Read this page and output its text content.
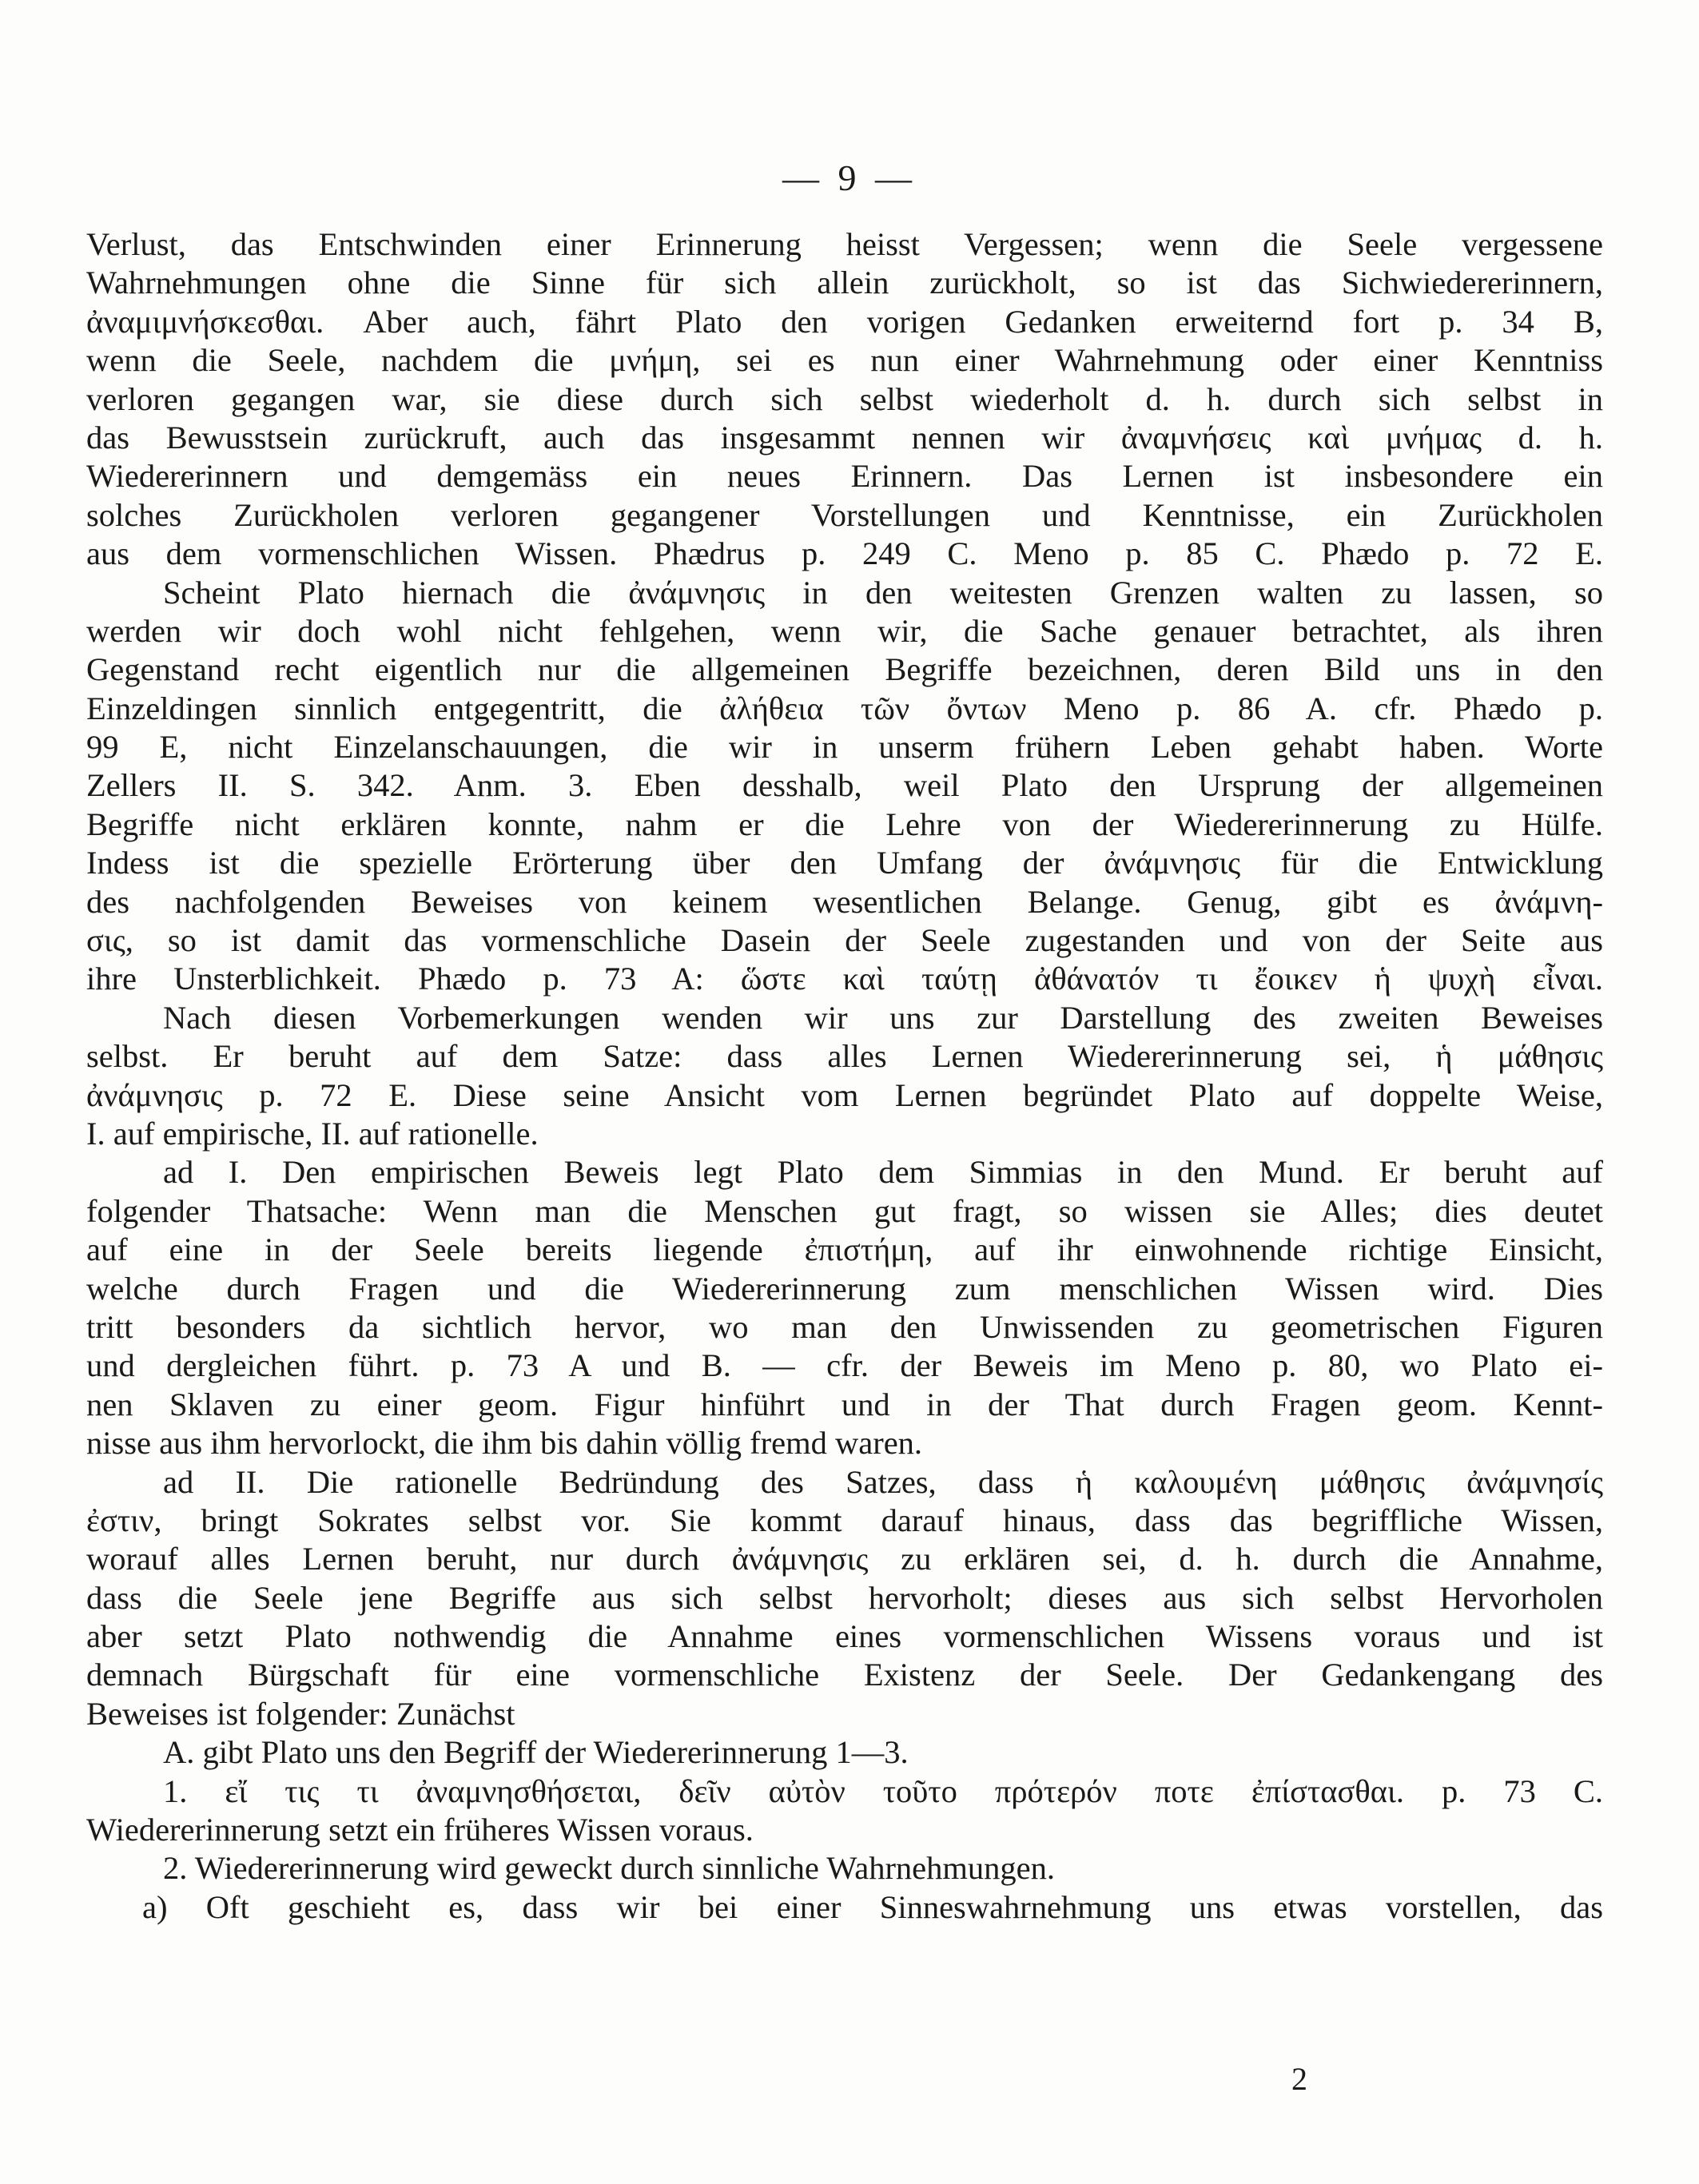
— 9 —
Verlust, das Entschwinden einer Erinnerung heisst Vergessen; wenn die Seele vergessene
Wahrnehmungen ohne die Sinne für sich allein zurückholt, so ist das Sichwiedererinnern,
ἀναμιμνήσκεσθαι. Aber auch, fährt Plato den vorigen Gedanken erweiternd fort p. 34 B,
wenn die Seele, nachdem die μνήμη, sei es nun einer Wahrnehmung oder einer Kenntniss
verloren gegangen war, sie diese durch sich selbst wiederholt d. h. durch sich selbst in
das Bewusstsein zurückruft, auch das insgesammt nennen wir ἀναμνήσεις καὶ μνήμας d. h.
Wiedererinnern und demgemäss ein neues Erinnern. Das Lernen ist insbesondere ein
solches Zurückholen verloren gegangener Vorstellungen und Kenntnisse, ein Zurückholen
aus dem vormenschlichen Wissen. Phædrus p. 249 C. Meno p. 85 C. Phædo p. 72 E.
Scheint Plato hiernach die ἀνάμνησις in den weitesten Grenzen walten zu lassen, so
werden wir doch wohl nicht fehlgehen, wenn wir, die Sache genauer betrachtet, als ihren
Gegenstand recht eigentlich nur die allgemeinen Begriffe bezeichnen, deren Bild uns in den
Einzeldingen sinnlich entgegentritt, die ἀλήθεια τῶν ὄντων Meno p. 86 A. cfr. Phædo p.
99 E, nicht Einzelanschauungen, die wir in unserm frühern Leben gehabt haben. Worte
Zellers II. S. 342. Anm. 3. Eben desshalb, weil Plato den Ursprung der allgemeinen
Begriffe nicht erklären konnte, nahm er die Lehre von der Wiedererinnerung zu Hülfe.
Indess ist die spezielle Erörterung über den Umfang der ἀνάμνησις für die Entwicklung
des nachfolgenden Beweises von keinem wesentlichen Belange. Genug, gibt es ἀνάμνη-
σις, so ist damit das vormenschliche Dasein der Seele zugestanden und von der Seite aus
ihre Unsterblichkeit. Phædo p. 73 A: ὥστε καὶ ταύτῃ ἀθάνατόν τι ἔοικεν ἡ ψυχὴ εἶναι.
Nach diesen Vorbemerkungen wenden wir uns zur Darstellung des zweiten Beweises
selbst. Er beruht auf dem Satze: dass alles Lernen Wiedererinnerung sei, ἡ μάθησις
ἀνάμνησις p. 72 E. Diese seine Ansicht vom Lernen begründet Plato auf doppelte Weise,
I. auf empirische, II. auf rationelle.
ad I. Den empirischen Beweis legt Plato dem Simmias in den Mund. Er beruht auf
folgender Thatsache: Wenn man die Menschen gut fragt, so wissen sie Alles; dies deutet
auf eine in der Seele bereits liegende ἐπιστήμη, auf ihr einwohnende richtige Einsicht,
welche durch Fragen und die Wiedererinnerung zum menschlichen Wissen wird. Dies
tritt besonders da sichtlich hervor, wo man den Unwissenden zu geometrischen Figuren
und dergleichen führt. p. 73 A und B. — cfr. der Beweis im Meno p. 80, wo Plato ei-
nen Sklaven zu einer geom. Figur hinführt und in der That durch Fragen geom. Kennt-
nisse aus ihm hervorlockt, die ihm bis dahin völlig fremd waren.
ad II. Die rationelle Bedründung des Satzes, dass ἡ καλουμένη μάθησις ἀνάμνησίς
ἐστιν, bringt Sokrates selbst vor. Sie kommt darauf hinaus, dass das begriffliche Wissen,
worauf alles Lernen beruht, nur durch ἀνάμνησις zu erklären sei, d. h. durch die Annahme,
dass die Seele jene Begriffe aus sich selbst hervorholt; dieses aus sich selbst Hervorholen
aber setzt Plato nothwendig die Annahme eines vormenschlichen Wissens voraus und ist
demnach Bürgschaft für eine vormenschliche Existenz der Seele. Der Gedankengang des
Beweises ist folgender: Zunächst
A. gibt Plato uns den Begriff der Wiedererinnerung 1—3.
1. εἴ τις τι ἀναμνησθήσεται, δεῖν αὐτὸν τοῦτο πρότερόν ποτε ἐπίστασθαι. p. 73 C.
Wiedererinnerung setzt ein früheres Wissen voraus.
2. Wiedererinnerung wird geweckt durch sinnliche Wahrnehmungen.
a) Oft geschieht es, dass wir bei einer Sinneswahrnehmung uns etwas vorstellen, das
2
